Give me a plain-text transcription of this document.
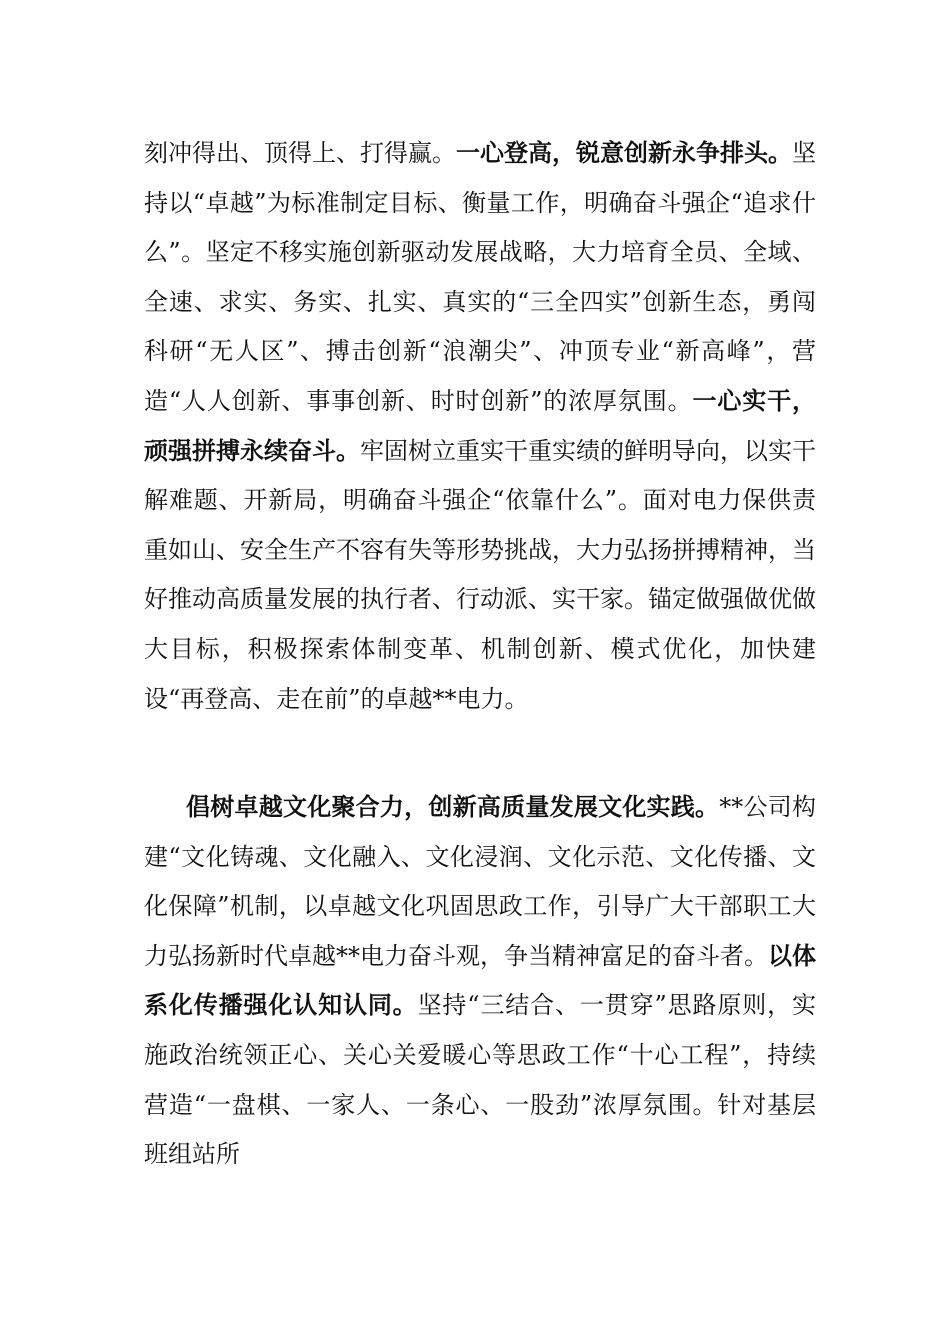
刻冲得出、顶得上、打得赢。一心登高，锐意创新永争排头。坚持以“卓越”为标准制定目标、衡量工作，明确奋斗强企“追求什么”。坚定不移实施创新驱动发展战略，大力培育全员、全域、全速、求实、务实、扎实、真实的“三全四实”创新生态，勇闯科研“无人区”、搏击创新“浪潮尖”、冲顶专业“新高峰”，营造“人人创新、事事创新、时时创新”的浓厚氛围。一心实干，顽强拼搏永续奋斗。牢固树立重实干重实绩的鲜明导向，以实干解难题、开新局，明确奋斗强企“依靠什么”。面对电力保供责重如山、安全生产不容有失等形势挑战，大力弘扬拼搏精神，当好推动高质量发展的执行者、行动派、实干家。锚定做强做优做大目标，积极探索体制变革、机制创新、模式优化，加快建设“再登高、走在前”的卓越**电力。

倡树卓越文化聚合力，创新高质量发展文化实践。**公司构建“文化铸魂、文化融入、文化浸润、文化示范、文化传播、文化保障”机制，以卓越文化巩固思政工作，引导广大干部职工大力弘扬新时代卓越**电力奋斗观，争当精神富足的奋斗者。以体系化传播强化认知认同。坚持“三结合、一贯穿”思路原则，实施政治统领正心、关心关爱暖心等思政工作“十心工程”，持续营造“一盘棋、一家人、一条心、一股劲”浓厚氛围。针对基层班组站所
